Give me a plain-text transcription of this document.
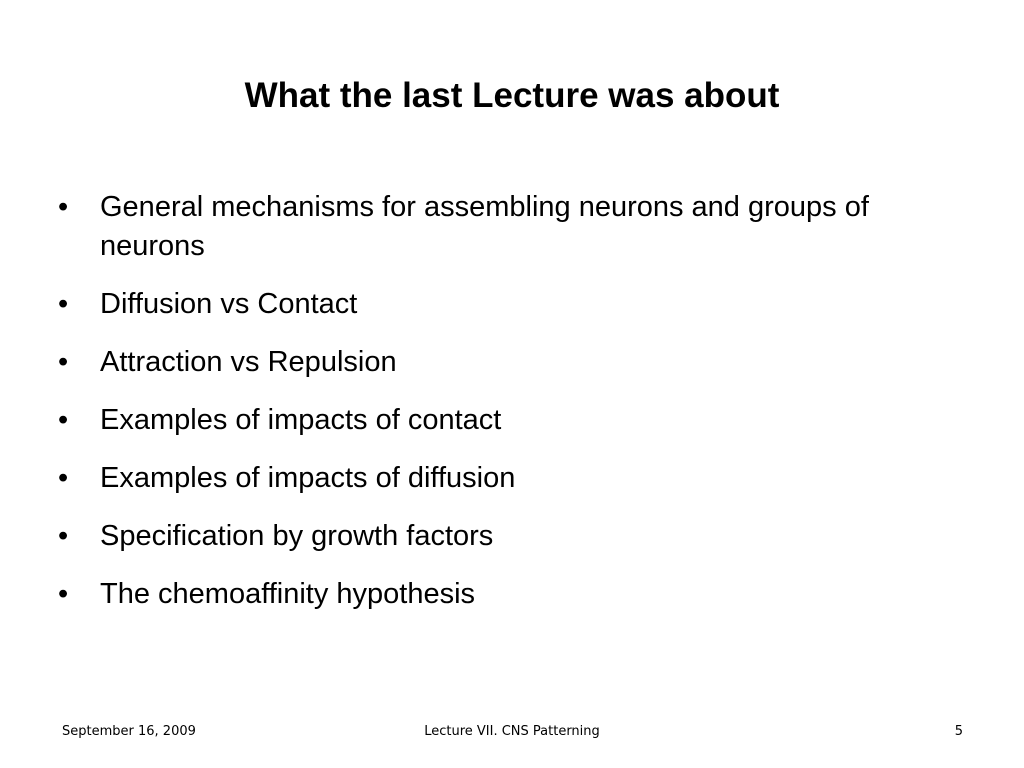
What the last Lecture was about
•	General mechanisms for assembling neurons and groups of neurons
•	Diffusion vs Contact
•	Attraction vs Repulsion
•	Examples of impacts of contact
•	Examples of impacts of diffusion
•	Specification by growth factors
•	The chemoaffinity hypothesis
September 16, 2009	Lecture VII. CNS Patterning	5
